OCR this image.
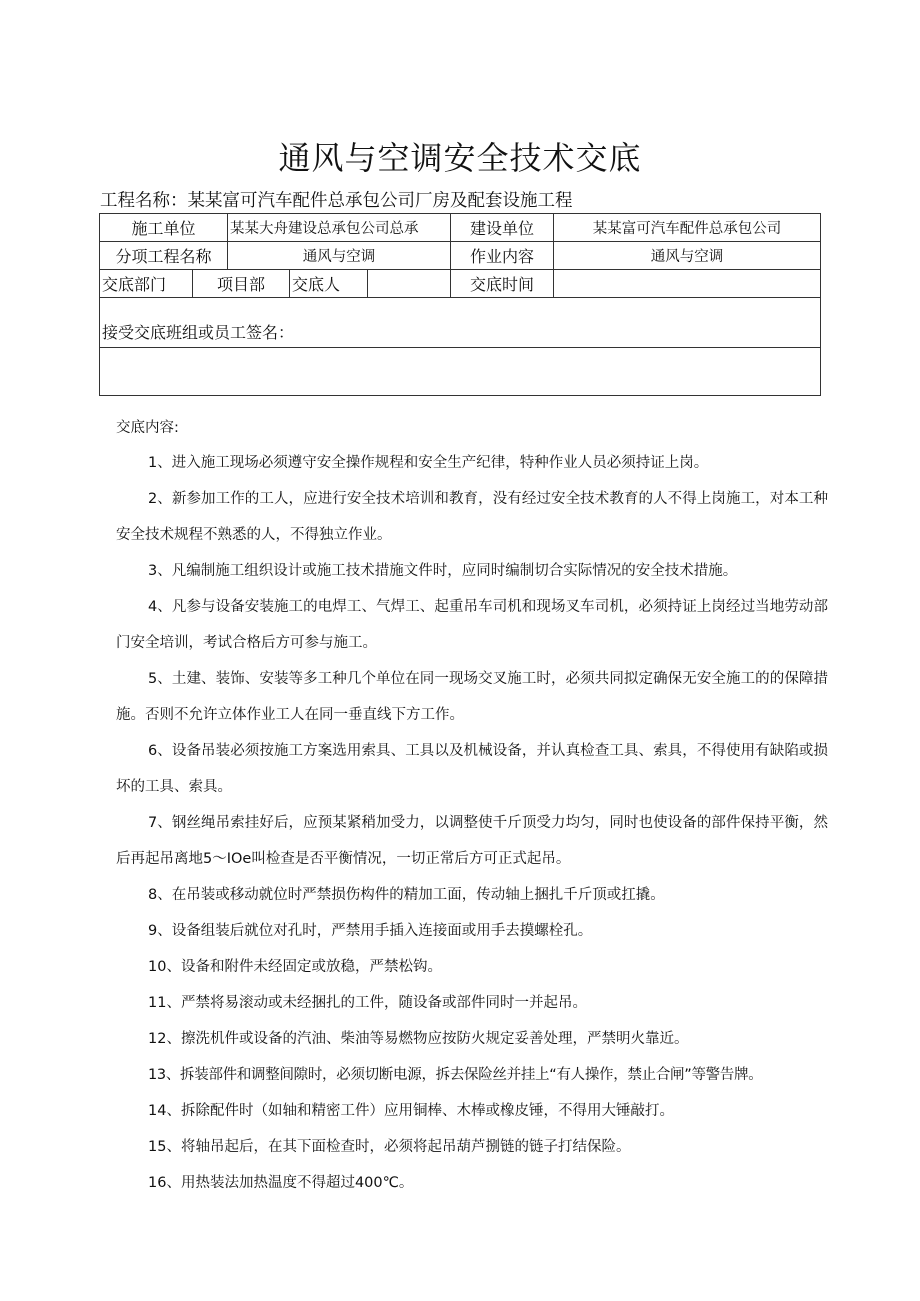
通风与空调安全技术交底
工程名称：某某富可汽车配件总承包公司厂房及配套设施工程
施工单位		某某大舟建设总承包公司总承			建设单位	某某富可汽车配件总承包公司
分项工程名称		通风与空调			作业内容	通风与空调
交底部门	项目部		交底人		交底时间	
接受交底班组或员工签名：						

交底内容:

1、进入施工现场必须遵守安全操作规程和安全生产纪律，特种作业人员必须持证上岗。

2、新参加工作的工人，应进行安全技术培训和教育，没有经过安全技术教育的人不得上岗施工，对本工种安全技术规程不熟悉的人，不得独立作业。

3、凡编制施工组织设计或施工技术措施文件时，应同时编制切合实际情况的安全技术措施。

4、凡参与设备安装施工的电焊工、气焊工、起重吊车司机和现场叉车司机，必须持证上岗经过当地劳动部门安全培训，考试合格后方可参与施工。

5、土建、装饰、安装等多工种几个单位在同一现场交叉施工时，必须共同拟定确保无安全施工的的保障措施。否则不允许立体作业工人在同一垂直线下方工作。

6、设备吊装必须按施工方案选用索具、工具以及机械设备，并认真检查工具、索具，不得使用有缺陷或损坏的工具、索具。

7、钢丝绳吊索挂好后，应预某紧稍加受力，以调整使千斤顶受力均匀，同时也使设备的部件保持平衡，然后再起吊离地5～IOe叫检查是否平衡情况，一切正常后方可正式起吊。

8、在吊装或移动就位时严禁损伤构件的精加工面，传动轴上捆扎千斤顶或扛撬。

9、设备组装后就位对孔时，严禁用手插入连接面或用手去摸螺栓孔。

10、设备和附件未经固定或放稳，严禁松钩。

11、严禁将易滚动或未经捆扎的工件，随设备或部件同时一并起吊。

12、擦洗机件或设备的汽油、柴油等易燃物应按防火规定妥善处理，严禁明火靠近。

13、拆装部件和调整间隙时，必须切断电源，拆去保险丝并挂上“有人操作，禁止合闸”等警告牌。

14、拆除配件时（如轴和精密工件）应用铜棒、木棒或橡皮锤，不得用大锤敲打。

15、将轴吊起后，在其下面检查时，必须将起吊葫芦捌链的链子打结保险。

16、用热装法加热温度不得超过400℃。
